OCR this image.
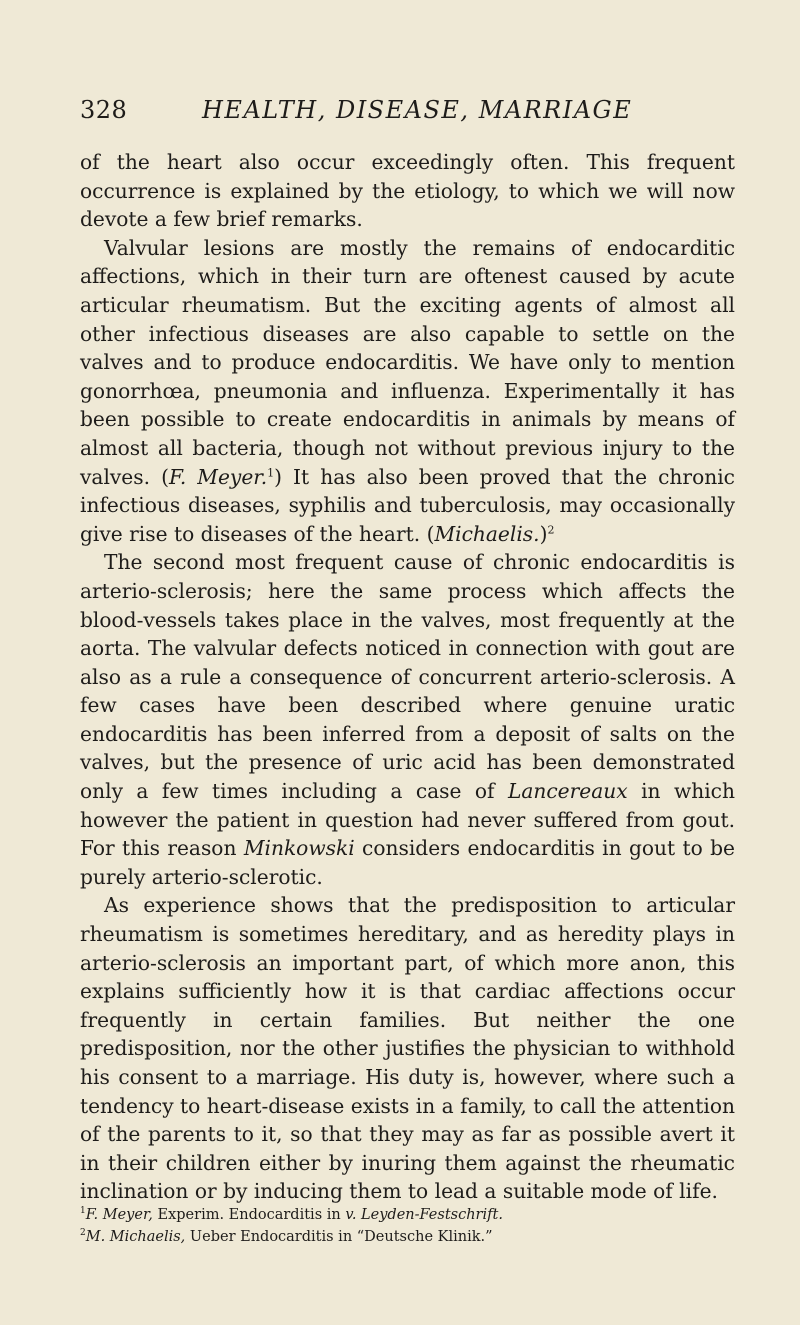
328	HEALTH, DISEASE, MARRIAGE

of the heart also occur exceedingly often. This frequent occurrence is explained by the etiology, to which we will now devote a few brief remarks.

Valvular lesions are mostly the remains of endocarditic affections, which in their turn are oftenest caused by acute articular rheumatism. But the exciting agents of almost all other infectious diseases are also capable to settle on the valves and to produce endocarditis. We have only to mention gonorrhœa, pneumonia and influenza. Experimentally it has been possible to create endocarditis in animals by means of almost all bacteria, though not without previous injury to the valves. (F. Meyer.$^1$) It has also been proved that the chronic infectious diseases, syphilis and tuberculosis, may occasionally give rise to diseases of the heart. (Michaelis.)$^2$

The second most frequent cause of chronic endocarditis is arterio-sclerosis; here the same process which affects the blood-vessels takes place in the valves, most frequently at the aorta. The valvular defects noticed in connection with gout are also as a rule a consequence of concurrent arterio-sclerosis. A few cases have been described where genuine uratic endocarditis has been inferred from a deposit of salts on the valves, but the presence of uric acid has been demonstrated only a few times including a case of Lancereaux in which however the patient in question had never suffered from gout. For this reason Minkowski considers endocarditis in gout to be purely arterio-sclerotic.

As experience shows that the predisposition to articular rheumatism is sometimes hereditary, and as heredity plays in arterio-sclerosis an important part, of which more anon, this explains sufficiently how it is that cardiac affections occur frequently in certain families. But neither the one predisposition, nor the other justifies the physician to withhold his consent to a marriage. His duty is, however, where such a tendency to heart-disease exists in a family, to call the attention of the parents to it, so that they may as far as possible avert it in their children either by inuring them against the rheumatic inclination or by inducing them to lead a suitable mode of life.

$^1$F. Meyer, Experim. Endocarditis in v. Leyden-Festschrift.

$^2$M. Michaelis, Ueber Endocarditis in “Deutsche Klinik.”
